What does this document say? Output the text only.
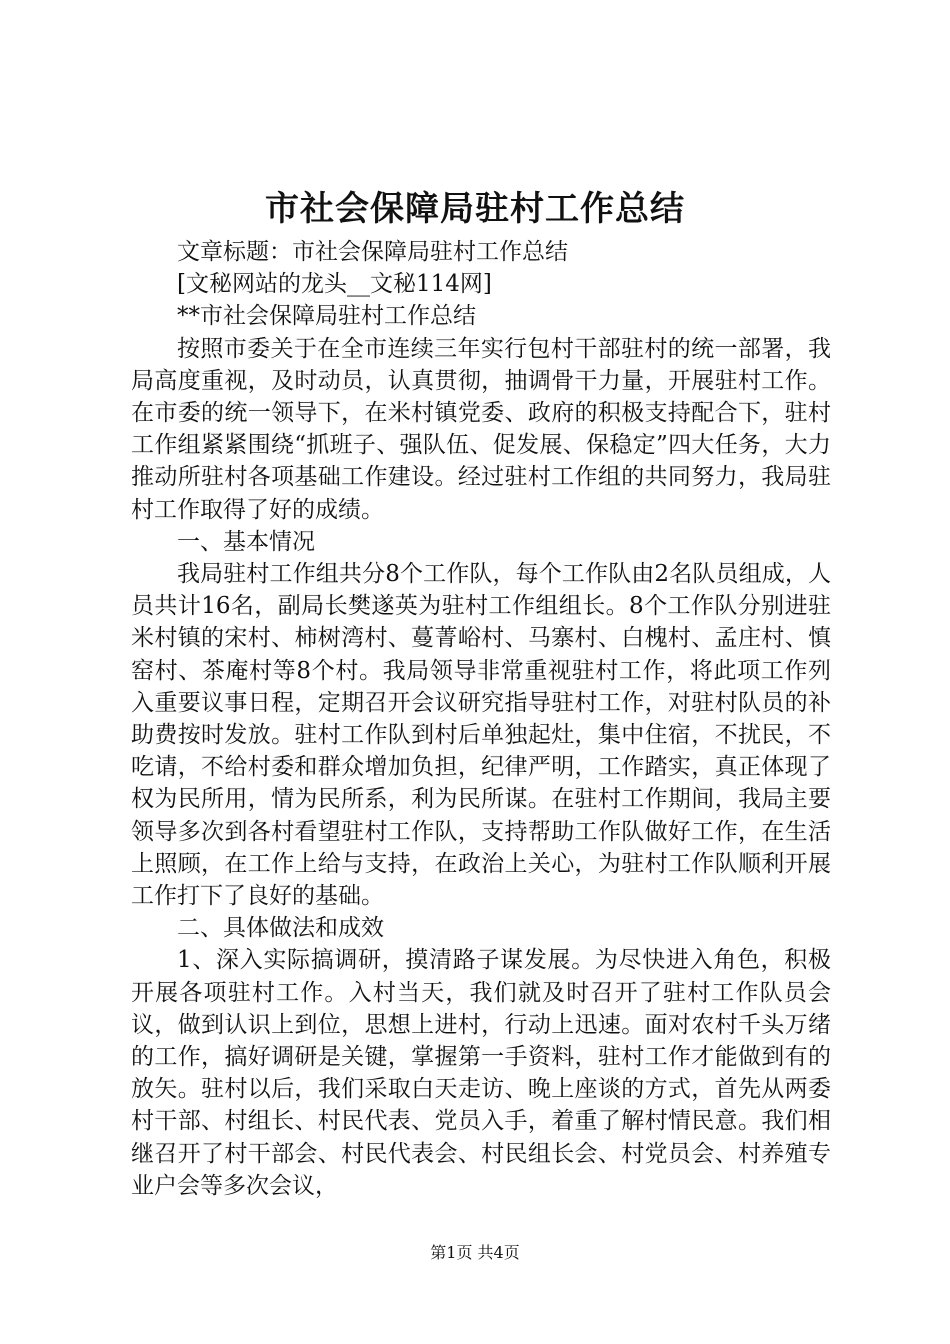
市社会保障局驻村工作总结

文章标题：市社会保障局驻村工作总结

[文秘网站的龙头__文秘114网]

**市社会保障局驻村工作总结

按照市委关于在全市连续三年实行包村干部驻村的统一部署，我局高度重视，及时动员，认真贯彻，抽调骨干力量，开展驻村工作。在市委的统一领导下，在米村镇党委、政府的积极支持配合下，驻村工作组紧紧围绕“抓班子、强队伍、促发展、保稳定”四大任务，大力推动所驻村各项基础工作建设。经过驻村工作组的共同努力，我局驻村工作取得了好的成绩。

一、基本情况

我局驻村工作组共分8个工作队，每个工作队由2名队员组成，人员共计16名，副局长樊遂英为驻村工作组组长。8个工作队分别进驻米村镇的宋村、柿树湾村、蔓菁峪村、马寨村、白槐村、孟庄村、慎窑村、茶庵村等8个村。我局领导非常重视驻村工作，将此项工作列入重要议事日程，定期召开会议研究指导驻村工作，对驻村队员的补助费按时发放。驻村工作队到村后单独起灶，集中住宿，不扰民，不吃请，不给村委和群众增加负担，纪律严明，工作踏实，真正体现了权为民所用，情为民所系，利为民所谋。在驻村工作期间，我局主要领导多次到各村看望驻村工作队，支持帮助工作队做好工作，在生活上照顾，在工作上给与支持，在政治上关心，为驻村工作队顺利开展工作打下了良好的基础。

二、具体做法和成效

1、深入实际搞调研，摸清路子谋发展。为尽快进入角色，积极开展各项驻村工作。入村当天，我们就及时召开了驻村工作队员会议，做到认识上到位，思想上进村，行动上迅速。面对农村千头万绪的工作，搞好调研是关键，掌握第一手资料，驻村工作才能做到有的放矢。驻村以后，我们采取白天走访、晚上座谈的方式，首先从两委村干部、村组长、村民代表、党员入手，着重了解村情民意。我们相继召开了村干部会、村民代表会、村民组长会、村党员会、村养殖专业户会等多次会议，

第1页 共4页
